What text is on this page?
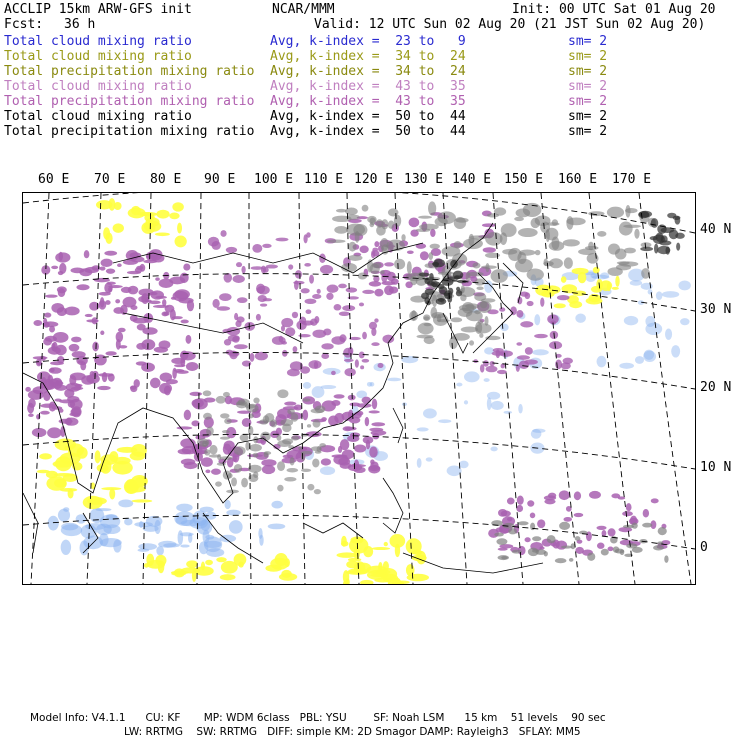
ACCLIP 15km ARW-GFS init	NCAR/MMM	Init: 00 UTC Sat 01 Aug 20
Fcst: 36 h	Valid: 12 UTC Sun 02 Aug 20 (21 JST Sun 02 Aug 20)
Total cloud mixing ratio	Avg, k-index =  23 to   9	sm= 2
Total cloud mixing ratio	Avg, k-index =  34 to  24	sm= 2
Total precipitation mixing ratio Avg, k-index =  34 to  24	sm= 2
Total cloud mixing ratio	Avg, k-index =  43 to  35	sm= 2
Total precipitation mixing ratio Avg, k-index =  43 to  35	sm= 2
Total cloud mixing ratio	Avg, k-index =  50 to  44	sm= 2
Total precipitation mixing ratio Avg, k-index =  50 to  44	sm= 2
60 E 70 E 80 E 90 E 100 E 110 E 120 E 130 E 140 E 150 E 160 E 170 E
40 N
30 N
20 N
10 N
0
Model Info: V4.1.1      CU: KF       MP: WDM 6class   PBL: YSU        SF: Noah LSM      15 km    51 levels    90 sec
LW: RRTMG    SW: RRTMG   DIFF: simple KM: 2D Smagor DAMP: Rayleigh3   SFLAY: MM5
